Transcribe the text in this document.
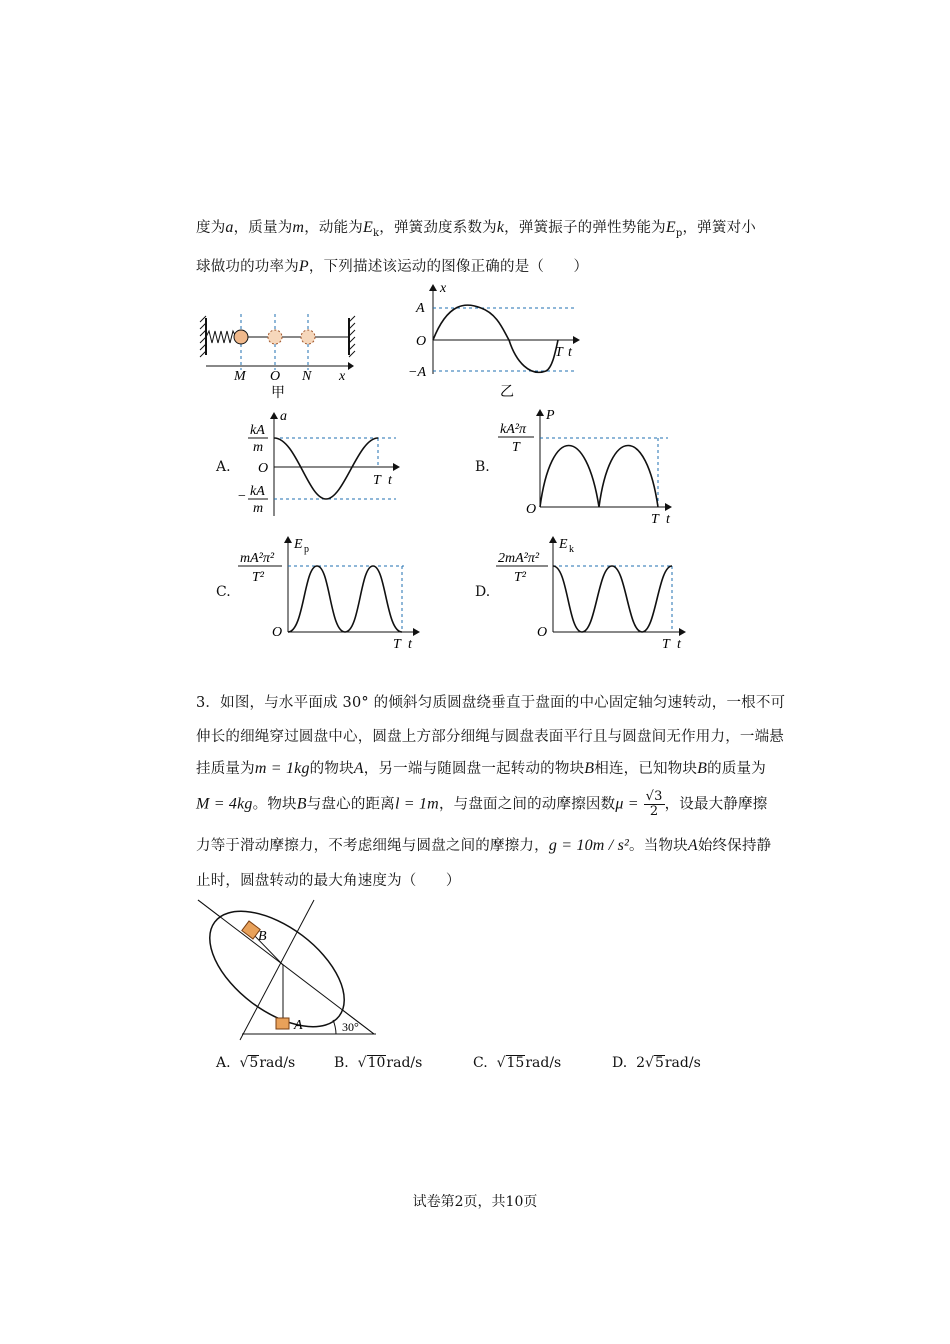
度为a，质量为m，动能为$E_k$，弹簧劲度系数为k，弹簧振子的弹性势能为$E_p$，弹簧对小
球做功的功率为P，下列描述该运动的图像正确的是（　　）
M O N x
甲
x
A
O
−A
T t
乙
A.
a
kA
m
O
− kA
m
T t
B.
P
kA²π
T
O
T t
C.
E p
mA²π²
T²
O
T t
D.
E k
2mA²π²
T²
O
T t
3．如图，与水平面成 30° 的倾斜匀质圆盘绕垂直于盘面的中心固定轴匀速转动，一根不可
伸长的细绳穿过圆盘中心，圆盘上方部分细绳与圆盘表面平行且与圆盘间无作用力，一端悬
挂质量为m = 1kg的物块A，另一端与随圆盘一起转动的物块B相连，已知物块B的质量为
M = 4kg。物块B与盘心的距离l = 1m，与盘面之间的动摩擦因数$\mu = \frac{√3}{2}$，设最大静摩擦
力等于滑动摩擦力，不考虑细绳与圆盘之间的摩擦力，g = 10m / s²。当物块A始终保持静
止时，圆盘转动的最大角速度为（　　）
B
A	30°
A. √5rad/s	B. √10rad/s	C. √15rad/s	D. 2√5rad/s
试卷第2页，共10页
